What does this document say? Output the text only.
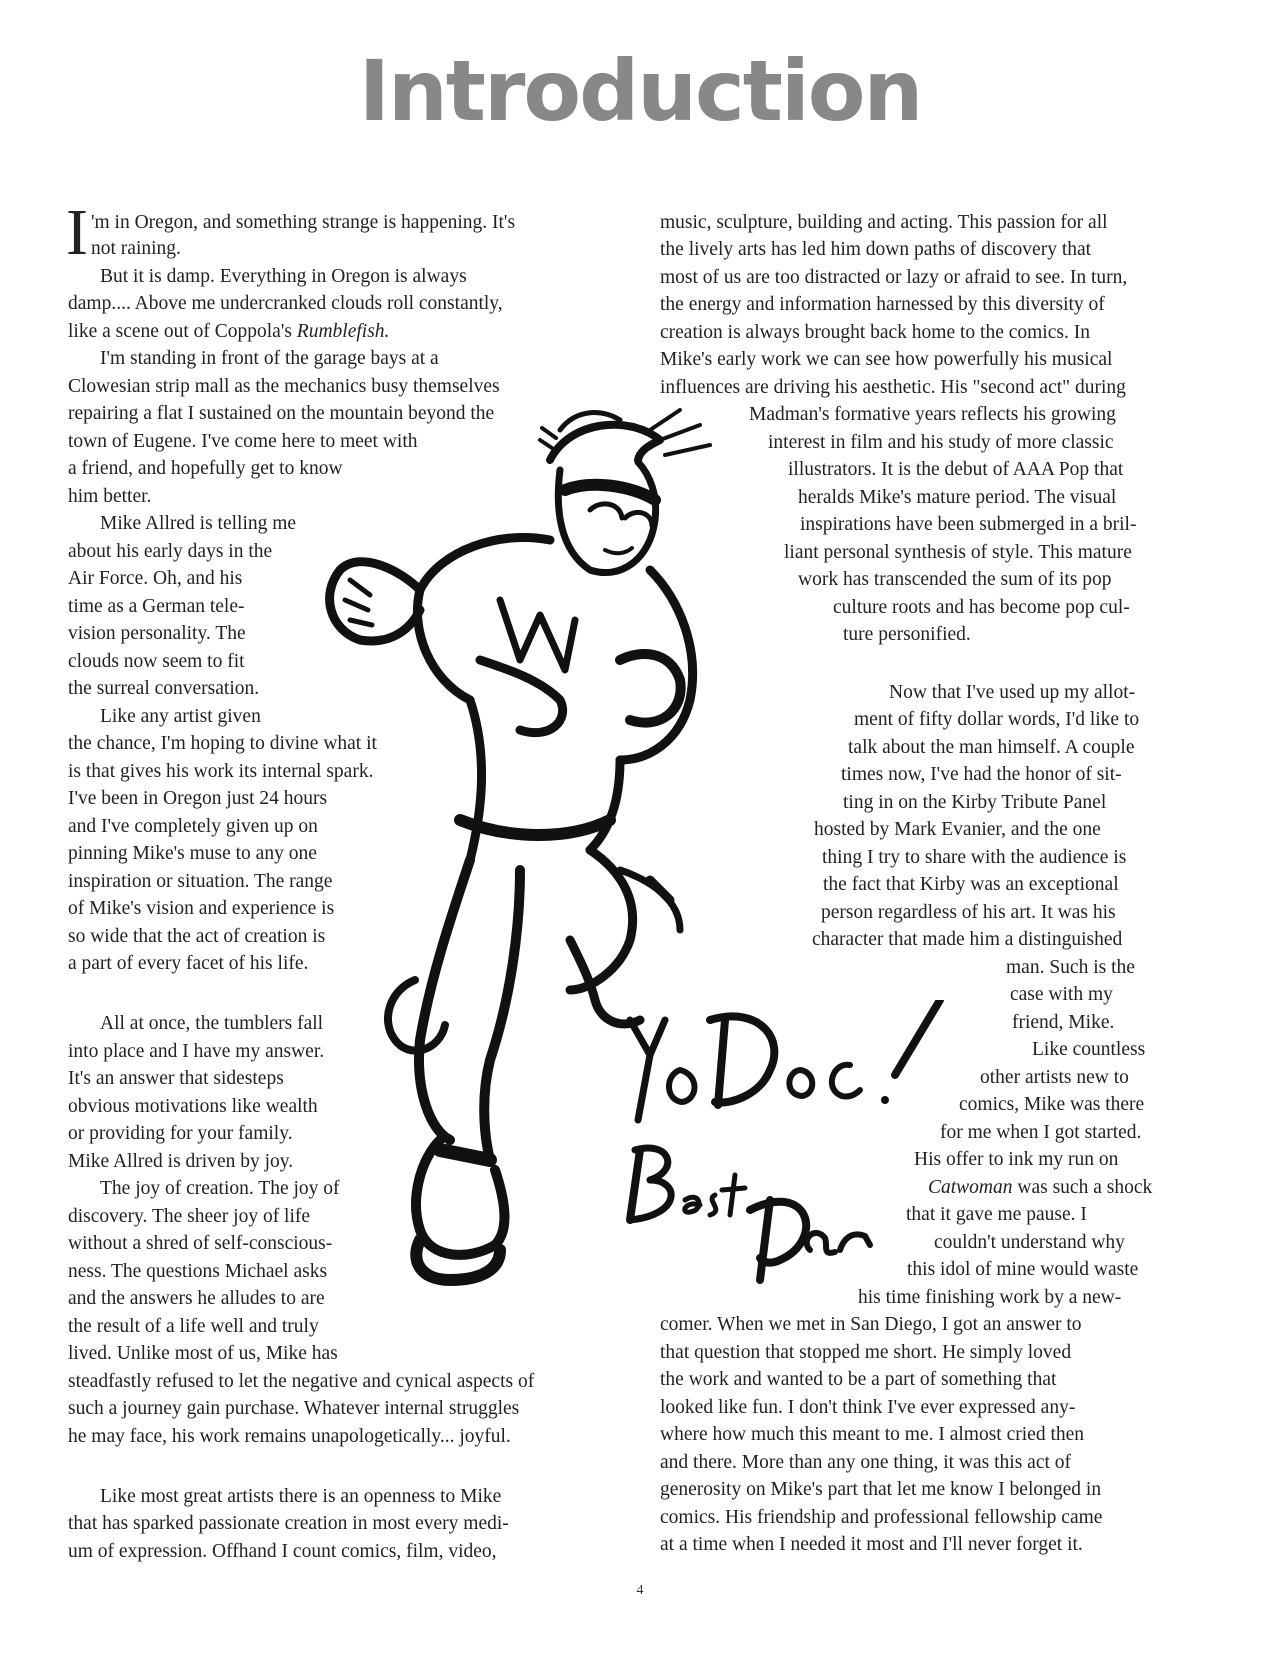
Introduction
I 'm in Oregon, and something strange is happening. It's
not raining.
But it is damp. Everything in Oregon is always
damp.... Above me undercranked clouds roll constantly,
like a scene out of Coppola's Rumblefish.
I'm standing in front of the garage bays at a
Clowesian strip mall as the mechanics busy themselves
repairing a flat I sustained on the mountain beyond the
town of Eugene. I've come here to meet with
a friend, and hopefully get to know
him better.
Mike Allred is telling me
about his early days in the
Air Force. Oh, and his
time as a German tele-
vision personality. The
clouds now seem to fit
the surreal conversation.
Like any artist given
the chance, I'm hoping to divine what it
is that gives his work its internal spark.
I've been in Oregon just 24 hours
and I've completely given up on
pinning Mike's muse to any one
inspiration or situation. The range
of Mike's vision and experience is
so wide that the act of creation is
a part of every facet of his life.
All at once, the tumblers fall
into place and I have my answer.
It's an answer that sidesteps
obvious motivations like wealth
or providing for your family.
Mike Allred is driven by joy.
The joy of creation. The joy of
discovery. The sheer joy of life
without a shred of self-conscious-
ness. The questions Michael asks
and the answers he alludes to are
the result of a life well and truly
lived. Unlike most of us, Mike has
steadfastly refused to let the negative and cynical aspects of
such a journey gain purchase. Whatever internal struggles
he may face, his work remains unapologetically... joyful.
Like most great artists there is an openness to Mike
that has sparked passionate creation in most every medi-
um of expression. Offhand I count comics, film, video,
music, sculpture, building and acting. This passion for all
the lively arts has led him down paths of discovery that
most of us are too distracted or lazy or afraid to see. In turn,
the energy and information harnessed by this diversity of
creation is always brought back home to the comics. In
Mike's early work we can see how powerfully his musical
influences are driving his aesthetic. His "second act" during
Madman's formative years reflects his growing
interest in film and his study of more classic
illustrators. It is the debut of AAA Pop that
heralds Mike's mature period. The visual
inspirations have been submerged in a bril-
liant personal synthesis of style. This mature
work has transcended the sum of its pop
culture roots and has become pop cul-
ture personified.
Now that I've used up my allot-
ment of fifty dollar words, I'd like to
talk about the man himself. A couple
times now, I've had the honor of sit-
ting in on the Kirby Tribute Panel
hosted by Mark Evanier, and the one
thing I try to share with the audience is
the fact that Kirby was an exceptional
person regardless of his art. It was his
character that made him a distinguished
man. Such is the
case with my
friend, Mike.
Like countless
other artists new to
comics, Mike was there
for me when I got started.
His offer to ink my run on
Catwoman was such a shock
that it gave me pause. I
couldn't understand why
this idol of mine would waste
his time finishing work by a new-
comer. When we met in San Diego, I got an answer to
that question that stopped me short. He simply loved
the work and wanted to be a part of something that
looked like fun. I don't think I've ever expressed any-
where how much this meant to me. I almost cried then
and there. More than any one thing, it was this act of
generosity on Mike's part that let me know I belonged in
comics. His friendship and professional fellowship came
at a time when I needed it most and I'll never forget it.
4
